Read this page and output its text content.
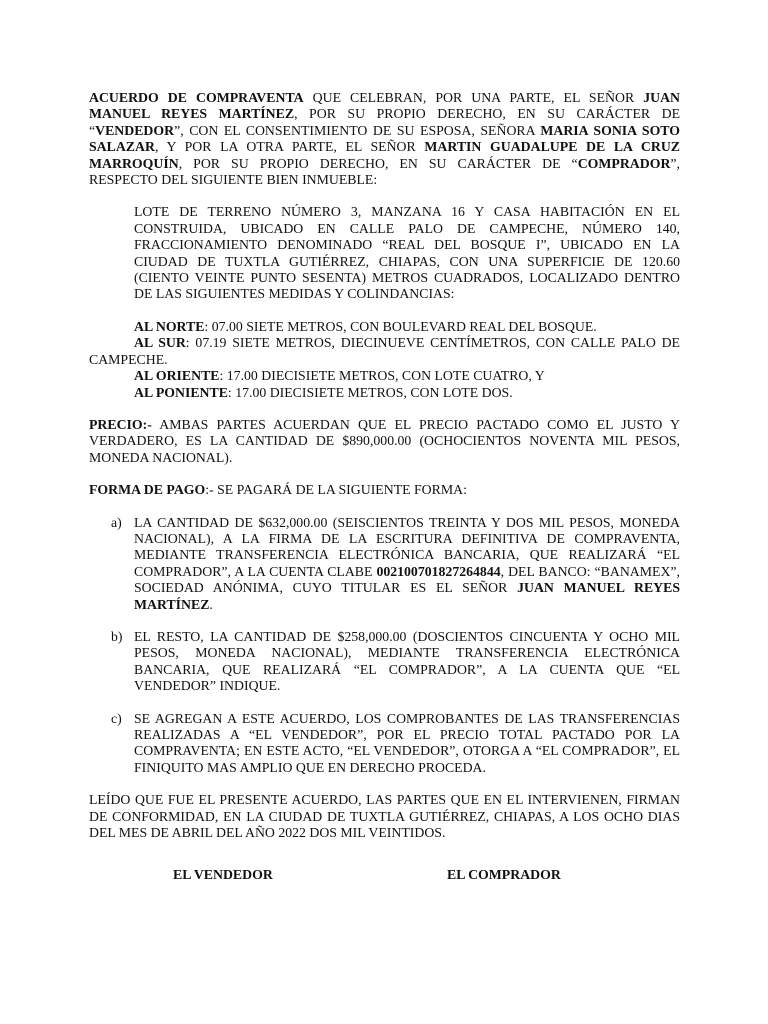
ACUERDO DE COMPRAVENTA QUE CELEBRAN, POR UNA PARTE, EL SEÑOR JUAN MANUEL REYES MARTÍNEZ, POR SU PROPIO DERECHO, EN SU CARÁCTER DE “VENDEDOR”, CON EL CONSENTIMIENTO DE SU ESPOSA, SEÑORA MARIA SONIA SOTO SALAZAR, Y POR LA OTRA PARTE, EL SEÑOR MARTIN GUADALUPE DE LA CRUZ MARROQUÍN, POR SU PROPIO DERECHO, EN SU CARÁCTER DE “COMPRADOR”, RESPECTO DEL SIGUIENTE BIEN INMUEBLE:

LOTE DE TERRENO NÚMERO 3, MANZANA 16 Y CASA HABITACIÓN EN EL CONSTRUIDA, UBICADO EN CALLE PALO DE CAMPECHE, NÚMERO 140, FRACCIONAMIENTO DENOMINADO “REAL DEL BOSQUE I”, UBICADO EN LA CIUDAD DE TUXTLA GUTIÉRREZ, CHIAPAS, CON UNA SUPERFICIE DE 120.60 (CIENTO VEINTE PUNTO SESENTA) METROS CUADRADOS, LOCALIZADO DENTRO DE LAS SIGUIENTES MEDIDAS Y COLINDANCIAS:

AL NORTE: 07.00 SIETE METROS, CON BOULEVARD REAL DEL BOSQUE.

AL SUR: 07.19 SIETE METROS, DIECINUEVE CENTÍMETROS, CON CALLE PALO DE CAMPECHE.

AL ORIENTE: 17.00 DIECISIETE METROS, CON LOTE CUATRO, Y

AL PONIENTE: 17.00 DIECISIETE METROS, CON LOTE DOS.

PRECIO:- AMBAS PARTES ACUERDAN QUE EL PRECIO PACTADO COMO EL JUSTO Y VERDADERO, ES LA CANTIDAD DE $890,000.00 (OCHOCIENTOS NOVENTA MIL PESOS, MONEDA NACIONAL).

FORMA DE PAGO:- SE PAGARÁ DE LA SIGUIENTE FORMA:

a) LA CANTIDAD DE $632,000.00 (SEISCIENTOS TREINTA Y DOS MIL PESOS, MONEDA NACIONAL), A LA FIRMA DE LA ESCRITURA DEFINITIVA DE COMPRAVENTA, MEDIANTE TRANSFERENCIA ELECTRÓNICA BANCARIA, QUE REALIZARÁ “EL COMPRADOR”, A LA CUENTA CLABE 002100701827264844, DEL BANCO: “BANAMEX”, SOCIEDAD ANÓNIMA, CUYO TITULAR ES EL SEÑOR JUAN MANUEL REYES MARTÍNEZ.

b) EL RESTO, LA CANTIDAD DE $258,000.00 (DOSCIENTOS CINCUENTA Y OCHO MIL PESOS, MONEDA NACIONAL), MEDIANTE TRANSFERENCIA ELECTRÓNICA BANCARIA, QUE REALIZARÁ “EL COMPRADOR”, A LA CUENTA QUE “EL VENDEDOR” INDIQUE.

c) SE AGREGAN A ESTE ACUERDO, LOS COMPROBANTES DE LAS TRANSFERENCIAS REALIZADAS A “EL VENDEDOR”, POR EL PRECIO TOTAL PACTADO POR LA COMPRAVENTA; EN ESTE ACTO, “EL VENDEDOR”, OTORGA A “EL COMPRADOR”, EL FINIQUITO MAS AMPLIO QUE EN DERECHO PROCEDA.

LEÍDO QUE FUE EL PRESENTE ACUERDO, LAS PARTES QUE EN EL INTERVIENEN, FIRMAN DE CONFORMIDAD, EN LA CIUDAD DE TUXTLA GUTIÉRREZ, CHIAPAS, A LOS OCHO DIAS DEL MES DE ABRIL DEL AÑO 2022 DOS MIL VEINTIDOS.

EL VENDEDOR	EL COMPRADOR
